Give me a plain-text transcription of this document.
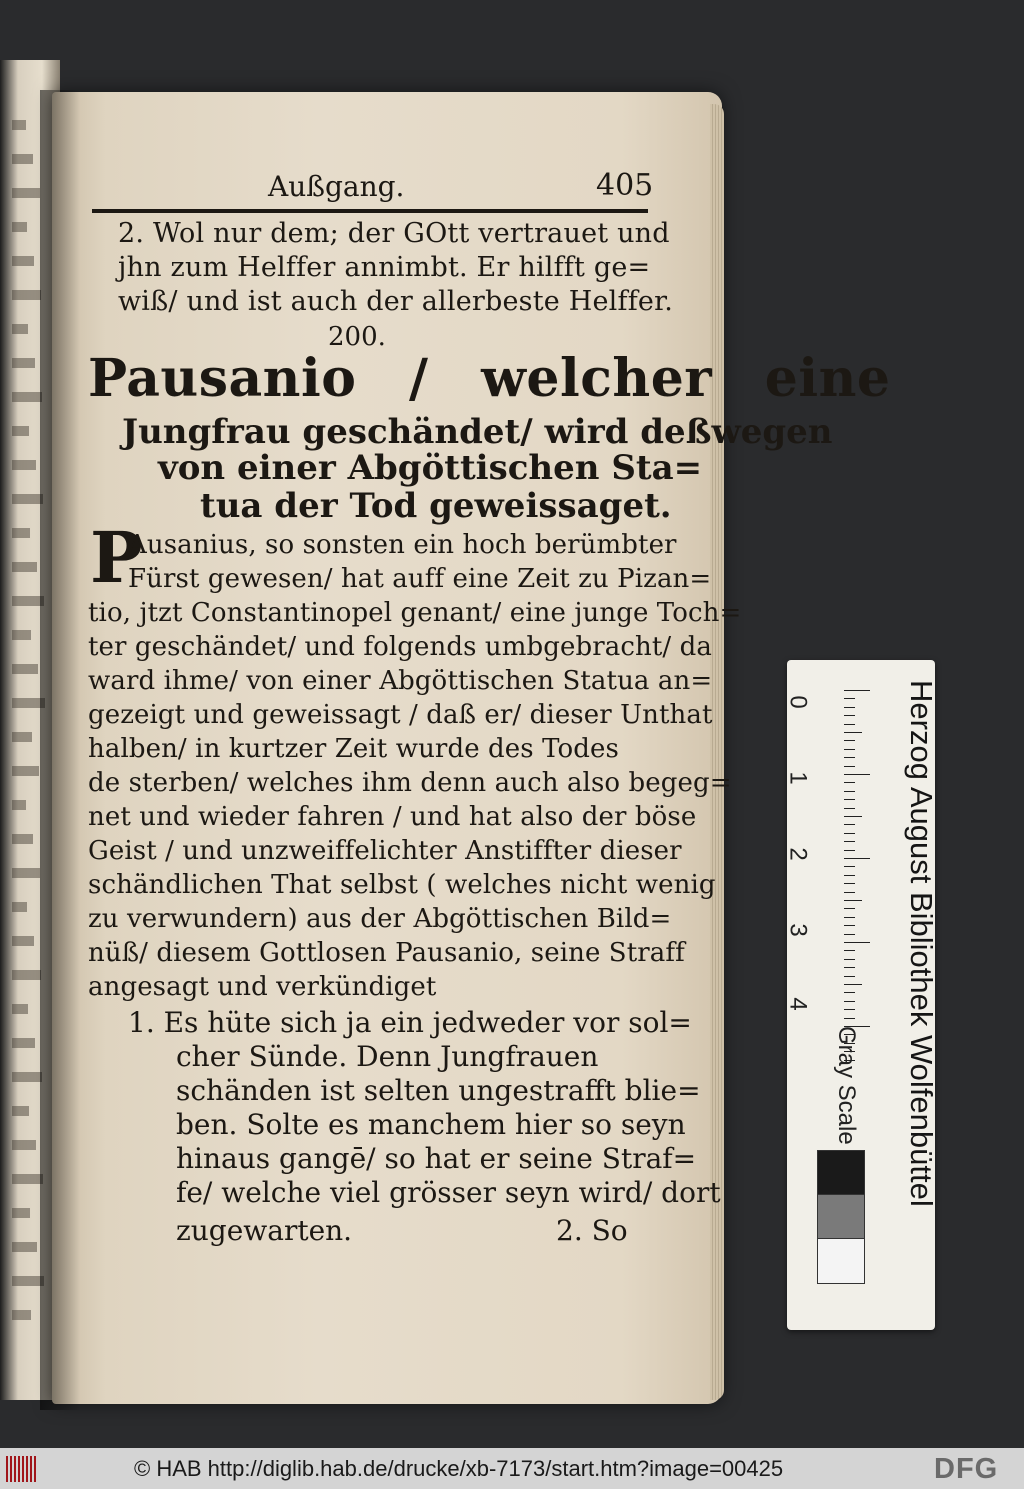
Außgang.	405
2. Wol nur dem; der GOtt vertrauet und
jhn zum Helffer annimbt. Er hilfft ge=
wiß/ und ist auch der allerbeste Helffer.
200.
Pausanio / welcher eine
Jungfrau geschändet/ wird deßwegen
von einer Abgöttischen Sta=
tua der Tod geweissaget.
P
Ausanius, so sonsten ein hoch berümbter
Fürst gewesen/ hat auff eine Zeit zu Pizan=
tio, jtzt Constantinopel genant/ eine junge Toch=
ter geschändet/ und folgends umbgebracht/ da
ward ihme/ von einer Abgöttischen Statua an=
gezeigt und geweissagt / daß er/ dieser Unthat
halben/ in kurtzer Zeit wurde des Todes
de sterben/ welches ihm denn auch also begeg=
net und wieder fahren / und hat also der böse
Geist / und unzweiffelichter Anstiffter dieser
schändlichen That selbst ( welches nicht wenig
zu verwundern) aus der Abgöttischen Bild=
nüß/ diesem Gottlosen Pausanio, seine Straff
angesagt und verkündiget
1. Es hüte sich ja ein jedweder vor sol=
cher Sünde. Denn Jungfrauen
schänden ist selten ungestrafft blie=
ben. Solte es manchem hier so seyn
hinaus gangē/ so hat er seine Straf=
fe/ welche viel grösser seyn wird/ dort
zugewarten.	2. So
0
1
2
3
4	Herzog August Bibliothek Wolfenbüttel
Gray Scale
© HAB http://diglib.hab.de/drucke/xb-7173/start.htm?image=00425	DFG
